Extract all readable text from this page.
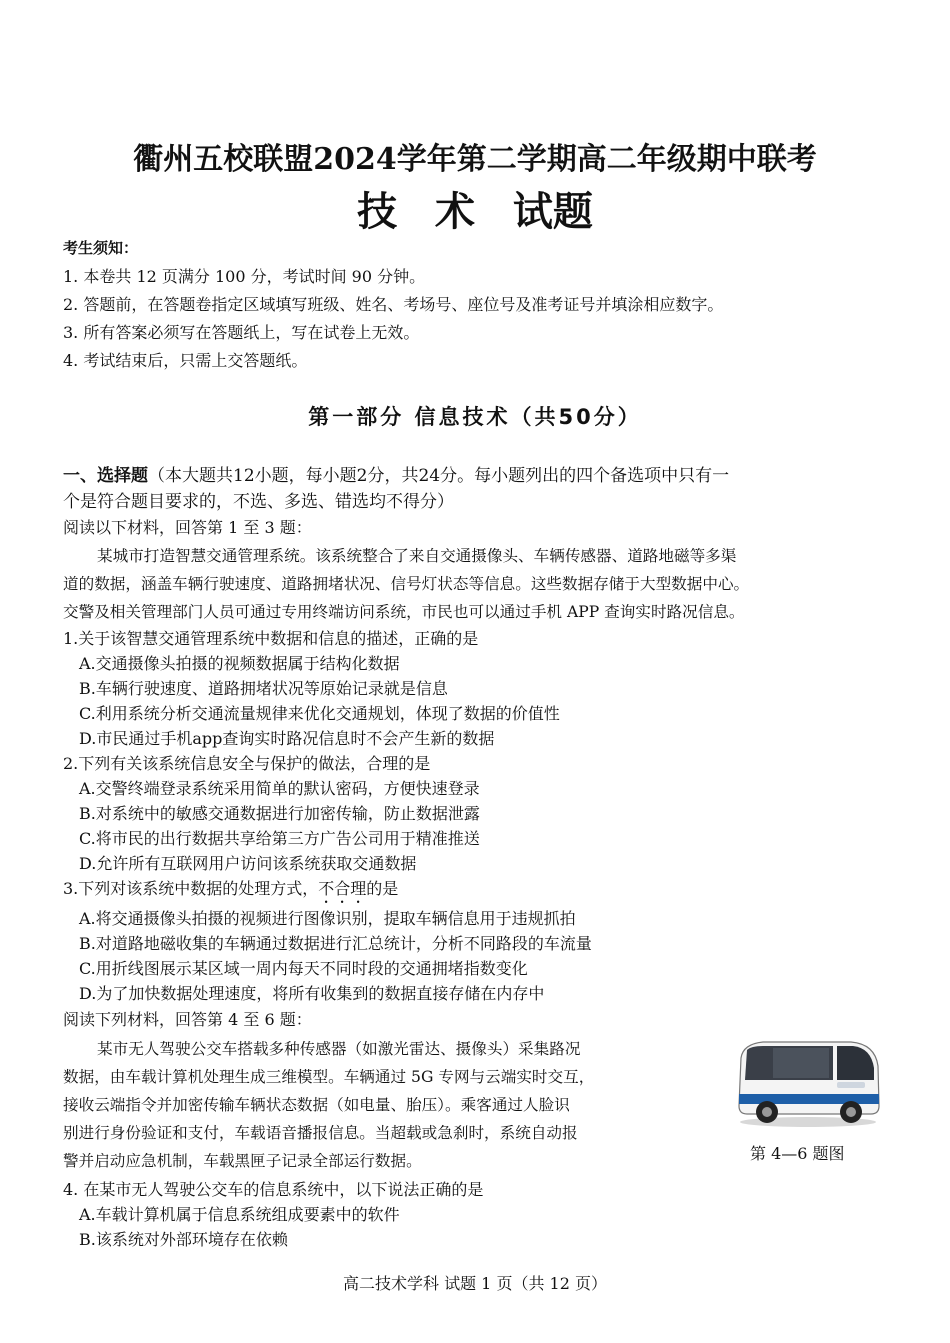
衢州五校联盟2024学年第二学期高二年级期中联考
技 术 试题
考生须知：
1. 本卷共 12 页满分 100 分，考试时间 90 分钟。
2. 答题前，在答题卷指定区域填写班级、姓名、考场号、座位号及准考证号并填涂相应数字。
3. 所有答案必须写在答题纸上，写在试卷上无效。
4. 考试结束后，只需上交答题纸。
第一部分 信息技术（共50分）
一、选择题（本大题共12小题，每小题2分，共24分。每小题列出的四个备选项中只有一
个是符合题目要求的，不选、多选、错选均不得分）
阅读以下材料，回答第 1 至 3 题：
某城市打造智慧交通管理系统。该系统整合了来自交通摄像头、车辆传感器、道路地磁等多渠
道的数据，涵盖车辆行驶速度、道路拥堵状况、信号灯状态等信息。这些数据存储于大型数据中心。
交警及相关管理部门人员可通过专用终端访问系统，市民也可以通过手机 APP 查询实时路况信息。
1.关于该智慧交通管理系统中数据和信息的描述，正确的是
A.交通摄像头拍摄的视频数据属于结构化数据
B.车辆行驶速度、道路拥堵状况等原始记录就是信息
C.利用系统分析交通流量规律来优化交通规划，体现了数据的价值性
D.市民通过手机app查询实时路况信息时不会产生新的数据
2.下列有关该系统信息安全与保护的做法，合理的是
A.交警终端登录系统采用简单的默认密码，方便快速登录
B.对系统中的敏感交通数据进行加密传输，防止数据泄露
C.将市民的出行数据共享给第三方广告公司用于精准推送
D.允许所有互联网用户访问该系统获取交通数据
3.下列对该系统中数据的处理方式，不合理的是
A.将交通摄像头拍摄的视频进行图像识别，提取车辆信息用于违规抓拍
B.对道路地磁收集的车辆通过数据进行汇总统计，分析不同路段的车流量
C.用折线图展示某区域一周内每天不同时段的交通拥堵指数变化
D.为了加快数据处理速度，将所有收集到的数据直接存储在内存中
阅读下列材料，回答第 4 至 6 题：
某市无人驾驶公交车搭载多种传感器（如激光雷达、摄像头）采集路况
数据，由车载计算机处理生成三维模型。车辆通过 5G 专网与云端实时交互，
接收云端指令并加密传输车辆状态数据（如电量、胎压）。乘客通过人脸识
别进行身份验证和支付，车载语音播报信息。当超载或急刹时，系统自动报
警并启动应急机制，车载黑匣子记录全部运行数据。	第 4—6 题图
4. 在某市无人驾驶公交车的信息系统中，以下说法正确的是
A.车载计算机属于信息系统组成要素中的软件
B.该系统对外部环境存在依赖
高二技术学科 试题 1 页（共 12 页）
